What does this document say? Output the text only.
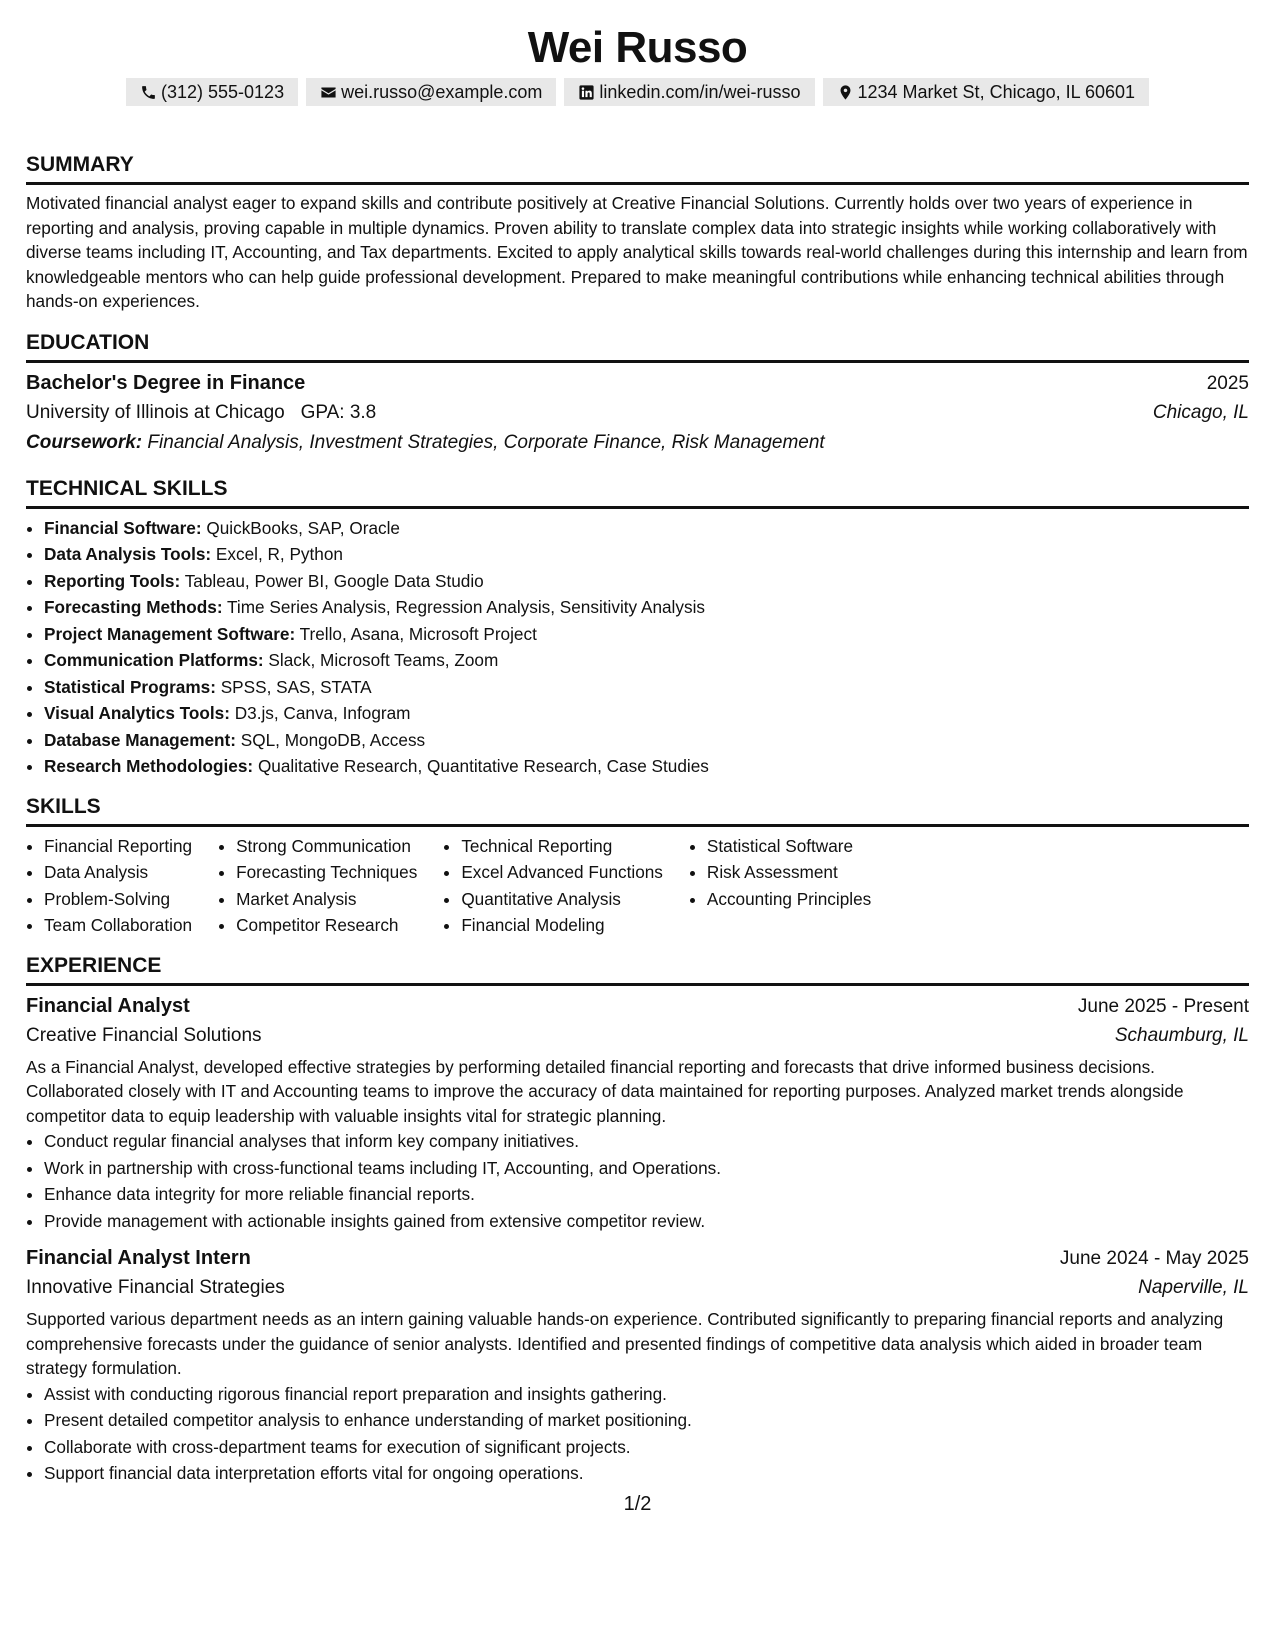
Wei Russo
(312) 555-0123	wei.russo@example.com	linkedin.com/in/wei-russo	1234 Market St, Chicago, IL 60601
SUMMARY

Motivated financial analyst eager to expand skills and contribute positively at Creative Financial Solutions. Currently holds over two years of experience in reporting and analysis, proving capable in multiple dynamics. Proven ability to translate complex data into strategic insights while working collaboratively with diverse teams including IT, Accounting, and Tax departments. Excited to apply analytical skills towards real-world challenges during this internship and learn from knowledgeable mentors who can help guide professional development. Prepared to make meaningful contributions while enhancing technical abilities through hands-on experiences.

EDUCATION
Bachelor's Degree in Finance	2025
University of Illinois at Chicago GPA: 3.8	Chicago, IL
Coursework: Financial Analysis, Investment Strategies, Corporate Finance, Risk Management
TECHNICAL SKILLS
• Financial Software: QuickBooks, SAP, Oracle
• Data Analysis Tools: Excel, R, Python
• Reporting Tools: Tableau, Power BI, Google Data Studio
• Forecasting Methods: Time Series Analysis, Regression Analysis, Sensitivity Analysis
• Project Management Software: Trello, Asana, Microsoft Project
• Communication Platforms: Slack, Microsoft Teams, Zoom
• Statistical Programs: SPSS, SAS, STATA
• Visual Analytics Tools: D3.js, Canva, Infogram
• Database Management: SQL, MongoDB, Access
• Research Methodologies: Qualitative Research, Quantitative Research, Case Studies
SKILLS
• Financial Reporting
• Data Analysis
• Problem-Solving
• Team Collaboration
• Strong Communication
• Forecasting Techniques
• Market Analysis
• Competitor Research
• Technical Reporting
• Excel Advanced Functions
• Quantitative Analysis
• Financial Modeling
• Statistical Software
• Risk Assessment
• Accounting Principles
EXPERIENCE
Financial Analyst	June 2025 - Present
Creative Financial Solutions	Schaumburg, IL

As a Financial Analyst, developed effective strategies by performing detailed financial reporting and forecasts that drive informed business decisions. Collaborated closely with IT and Accounting teams to improve the accuracy of data maintained for reporting purposes. Analyzed market trends alongside competitor data to equip leadership with valuable insights vital for strategic planning.

• Conduct regular financial analyses that inform key company initiatives.
• Work in partnership with cross-functional teams including IT, Accounting, and Operations.
• Enhance data integrity for more reliable financial reports.
• Provide management with actionable insights gained from extensive competitor review.
Financial Analyst Intern	June 2024 - May 2025
Innovative Financial Strategies	Naperville, IL

Supported various department needs as an intern gaining valuable hands-on experience. Contributed significantly to preparing financial reports and analyzing comprehensive forecasts under the guidance of senior analysts. Identified and presented findings of competitive data analysis which aided in broader team strategy formulation.

• Assist with conducting rigorous financial report preparation and insights gathering.
• Present detailed competitor analysis to enhance understanding of market positioning.
• Collaborate with cross-department teams for execution of significant projects.
• Support financial data interpretation efforts vital for ongoing operations.
1/2
